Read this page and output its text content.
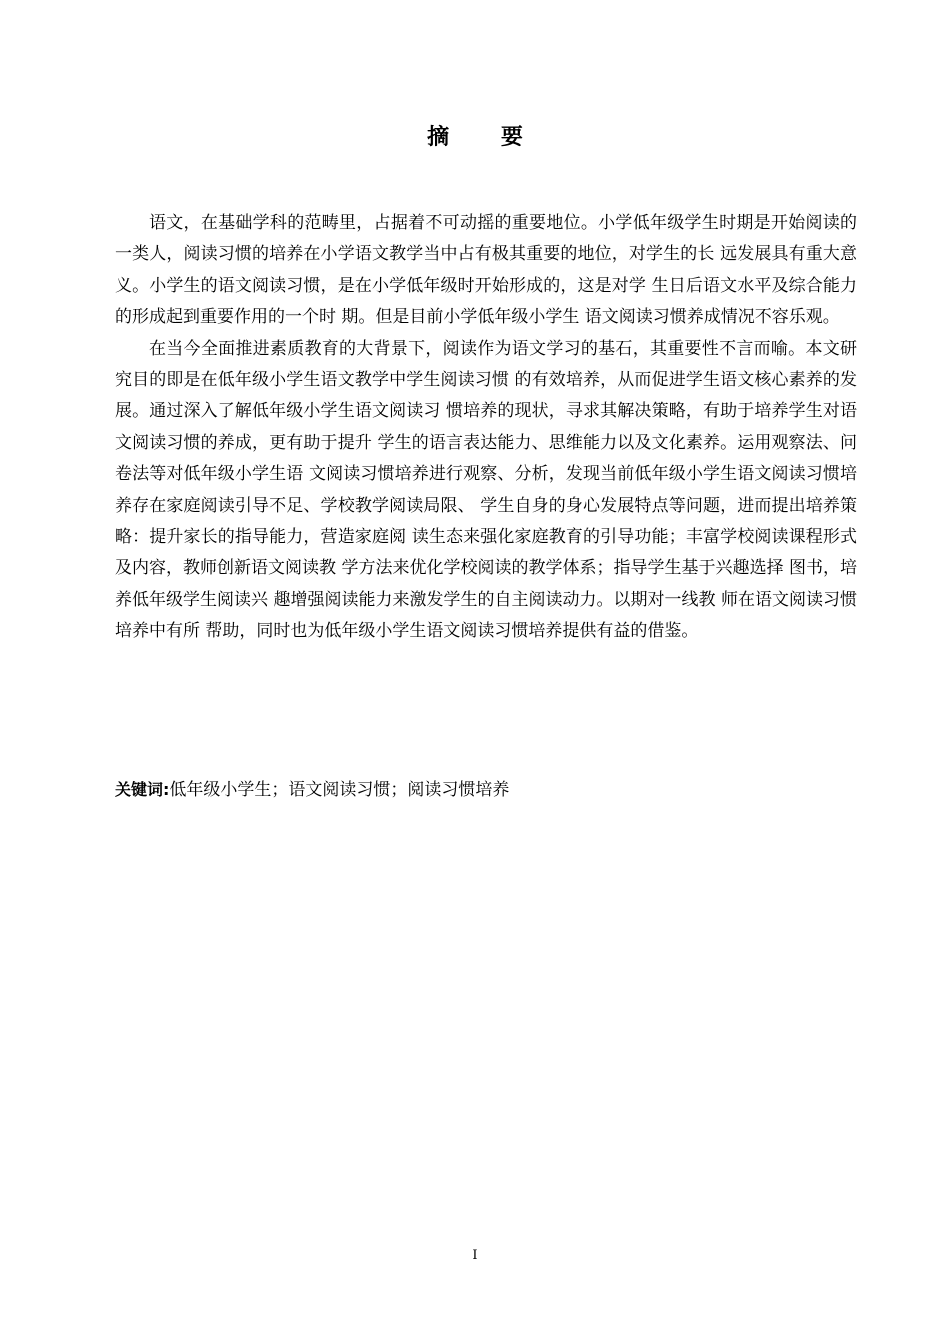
摘 要

语文，在基础学科的范畴里，占据着不可动摇的重要地位。小学低年级学生时期是开始阅读的一类人，阅读习惯的培养在小学语文教学当中占有极其重要的地位，对学生的长 远发展具有重大意义。小学生的语文阅读习惯，是在小学低年级时开始形成的，这是对学 生日后语文水平及综合能力的形成起到重要作用的一个时 期。但是目前小学低年级小学生 语文阅读习惯养成情况不容乐观。

在当今全面推进素质教育的大背景下，阅读作为语文学习的基石，其重要性不言而喻。本文研究目的即是在低年级小学生语文教学中学生阅读习惯 的有效培养，从而促进学生语文核心素养的发展。通过深入了解低年级小学生语文阅读习 惯培养的现状，寻求其解决策略，有助于培养学生对语文阅读习惯的养成，更有助于提升 学生的语言表达能力、思维能力以及文化素养。运用观察法、问卷法等对低年级小学生语 文阅读习惯培养进行观察、分析，发现当前低年级小学生语文阅读习惯培养存在家庭阅读引导不足、学校教学阅读局限、 学生自身的身心发展特点等问题，进而提出培养策略：提升家长的指导能力，营造家庭阅 读生态来强化家庭教育的引导功能；丰富学校阅读课程形式 及内容，教师创新语文阅读教 学方法来优化学校阅读的教学体系；指导学生基于兴趣选择 图书，培养低年级学生阅读兴 趣增强阅读能力来激发学生的自主阅读动力。以期对一线教 师在语文阅读习惯培养中有所 帮助，同时也为低年级小学生语文阅读习惯培养提供有益的借鉴。

关键词:低年级小学生；语文阅读习惯；阅读习惯培养
I
